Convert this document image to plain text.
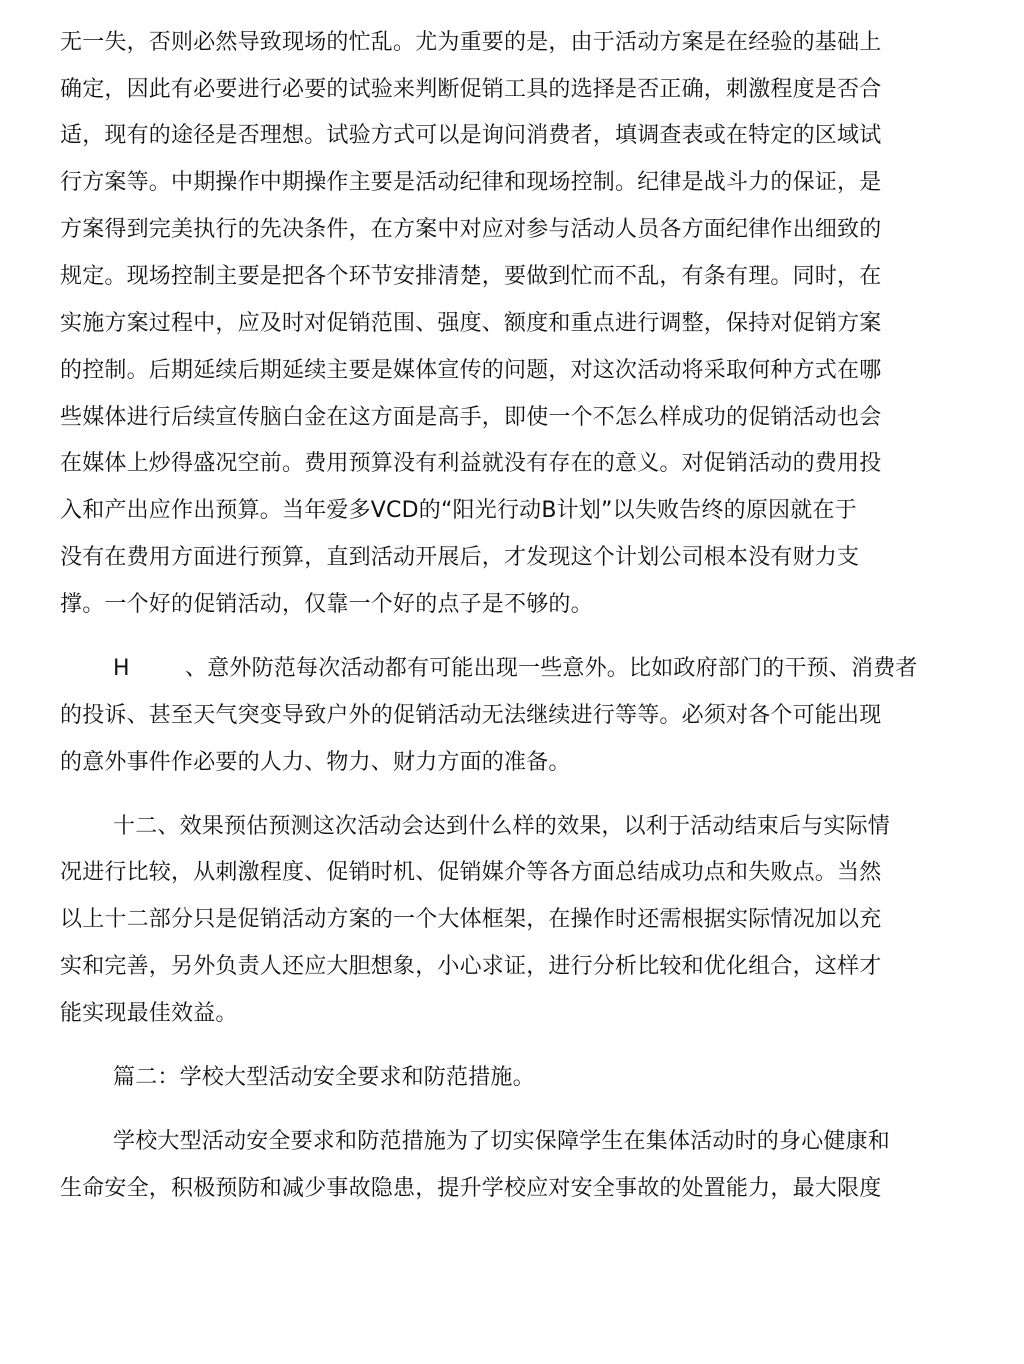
无一失，否则必然导致现场的忙乱。尤为重要的是，由于活动方案是在经验的基础上
确定，因此有必要进行必要的试验来判断促销工具的选择是否正确，刺激程度是否合
适，现有的途径是否理想。试验方式可以是询问消费者，填调查表或在特定的区域试
行方案等。中期操作中期操作主要是活动纪律和现场控制。纪律是战斗力的保证，是
方案得到完美执行的先决条件，在方案中对应对参与活动人员各方面纪律作出细致的
规定。现场控制主要是把各个环节安排清楚，要做到忙而不乱，有条有理。同时，在
实施方案过程中，应及时对促销范围、强度、额度和重点进行调整，保持对促销方案
的控制。后期延续后期延续主要是媒体宣传的问题，对这次活动将采取何种方式在哪
些媒体进行后续宣传脑白金在这方面是高手，即使一个不怎么样成功的促销活动也会
在媒体上炒得盛况空前。费用预算没有利益就没有存在的意义。对促销活动的费用投
入和产出应作出预算。当年爱多VCD的“阳光行动B计划”以失败告终的原因就在于
没有在费用方面进行预算，直到活动开展后，才发现这个计划公司根本没有财力支
撑。一个好的促销活动，仅靠一个好的点子是不够的。
H	、意外防范每次活动都有可能出现一些意外。比如政府部门的干预、消费者
的投诉、甚至天气突变导致户外的促销活动无法继续进行等等。必须对各个可能出现
的意外事件作必要的人力、物力、财力方面的准备。
十二、效果预估预测这次活动会达到什么样的效果，以利于活动结束后与实际情
况进行比较，从刺激程度、促销时机、促销媒介等各方面总结成功点和失败点。当然
以上十二部分只是促销活动方案的一个大体框架，在操作时还需根据实际情况加以充
实和完善，另外负责人还应大胆想象，小心求证，进行分析比较和优化组合，这样才
能实现最佳效益。
篇二：学校大型活动安全要求和防范措施。
学校大型活动安全要求和防范措施为了切实保障学生在集体活动时的身心健康和
生命安全，积极预防和减少事故隐患，提升学校应对安全事故的处置能力，最大限度
